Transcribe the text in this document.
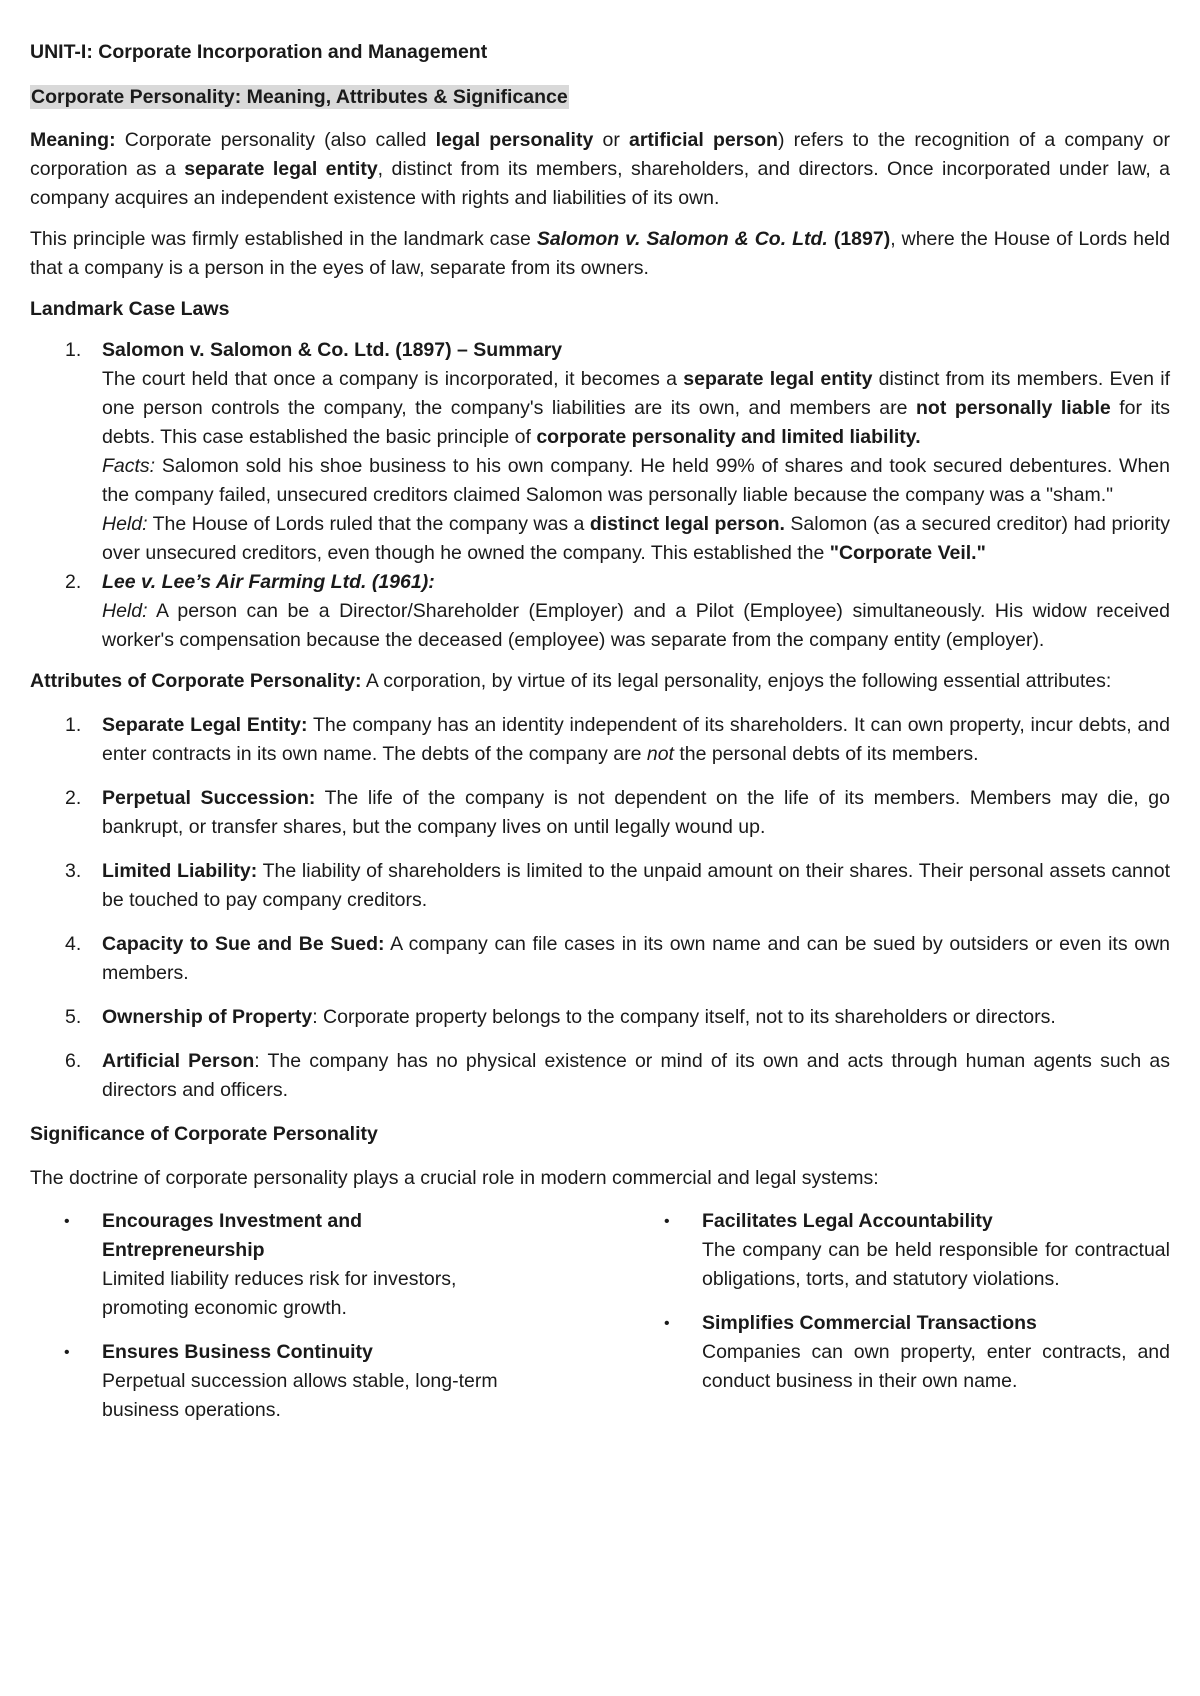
UNIT-I: Corporate Incorporation and Management

Corporate Personality: Meaning, Attributes & Significance

Meaning: Corporate personality (also called legal personality or artificial person) refers to the recognition of a company or corporation as a separate legal entity, distinct from its members, shareholders, and directors. Once incorporated under law, a company acquires an independent existence with rights and liabilities of its own.

This principle was firmly established in the landmark case Salomon v. Salomon & Co. Ltd. (1897), where the House of Lords held that a company is a person in the eyes of law, separate from its owners.

Landmark Case Laws

1.	Salomon v. Salomon & Co. Ltd. (1897) – Summary
The court held that once a company is incorporated, it becomes a separate legal entity distinct from its members. Even if one person controls the company, the company's liabilities are its own, and members are not personally liable for its debts. This case established the basic principle of corporate personality and limited liability.
Facts: Salomon sold his shoe business to his own company. He held 99% of shares and took secured debentures. When the company failed, unsecured creditors claimed Salomon was personally liable because the company was a "sham."
Held: The House of Lords ruled that the company was a distinct legal person. Salomon (as a secured creditor) had priority over unsecured creditors, even though he owned the company. This established the "Corporate Veil."
2.	Lee v. Lee’s Air Farming Ltd. (1961):
Held: A person can be a Director/Shareholder (Employer) and a Pilot (Employee) simultaneously. His widow received worker's compensation because the deceased (employee) was separate from the company entity (employer).

Attributes of Corporate Personality: A corporation, by virtue of its legal personality, enjoys the following essential attributes:

1.	Separate Legal Entity: The company has an identity independent of its shareholders. It can own property, incur debts, and enter contracts in its own name. The debts of the company are not the personal debts of its members.
2.	Perpetual Succession: The life of the company is not dependent on the life of its members. Members may die, go bankrupt, or transfer shares, but the company lives on until legally wound up.
3.	Limited Liability: The liability of shareholders is limited to the unpaid amount on their shares. Their personal assets cannot be touched to pay company creditors.
4.	Capacity to Sue and Be Sued: A company can file cases in its own name and can be sued by outsiders or even its own members.
5.	Ownership of Property: Corporate property belongs to the company itself, not to its shareholders or directors.
6.	Artificial Person: The company has no physical existence or mind of its own and acts through human agents such as directors and officers.

Significance of Corporate Personality

The doctrine of corporate personality plays a crucial role in modern commercial and legal systems:

• Encourages Investment and
Entrepreneurship
Limited liability reduces risk for investors,
promoting economic growth.
• Ensures Business Continuity
Perpetual succession allows stable, long-term
business operations.
• Facilitates Legal Accountability
The company can be held responsible for contractual obligations, torts, and statutory violations.
• Simplifies Commercial Transactions
Companies can own property, enter contracts, and conduct business in their own name.
